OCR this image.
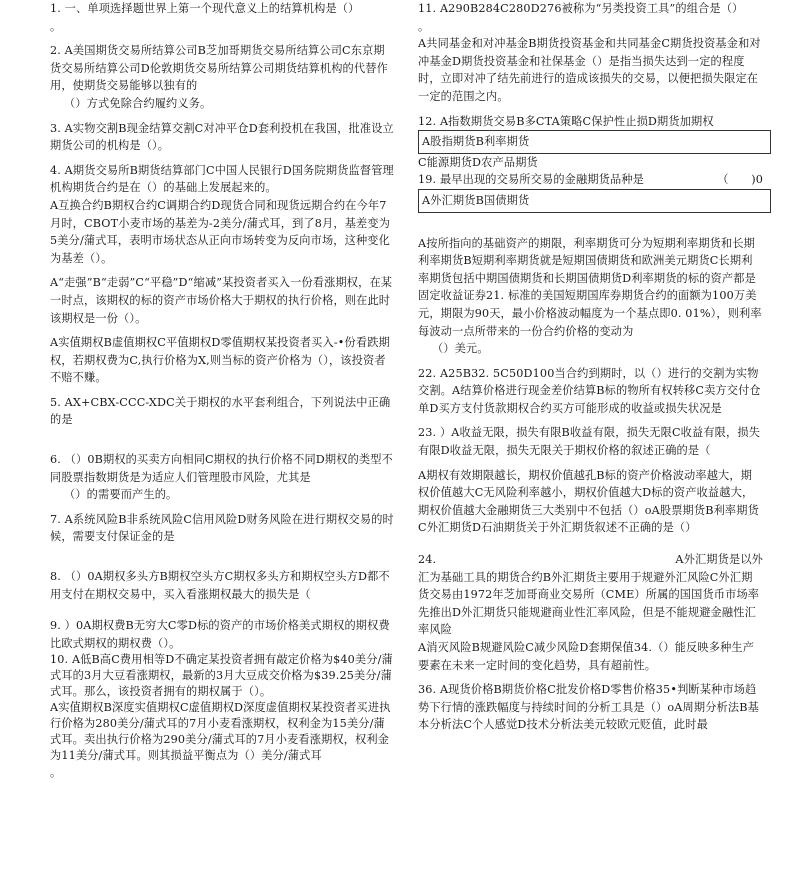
1. 一、单项选择题世界上第一个现代意义上的结算机构是（）

。

2. A美国期货交易所结算公司B芝加哥期货交易所结算公司C东京期货交易所结算公司D伦敦期货交易所结算公司期货结算机构的代替作用，使期货交易能够以独有的

（）方式免除合约履约义务。

3. A实物交割B现金结算交割C对冲平仓D套利投机在我国，批准设立期货公司的机构是（）。

4. A期货交易所B期货结算部门C中国人民银行D国务院期货监督管理机构期货合约是在（）的基础上发展起来的。

A互换合约B期权合约C调期合约D现货合同和现货远期合约在今年7月时，CBOT小麦市场的基差为-2美分/蒲式耳，到了8月，基差变为5美分/蒲式耳，表明市场状态从正向市场转变为反向市场，这种变化为基差（）。

A“走强”B“走弱”C“平稳”D“缩减”某投资者买入一份看涨期权，在某一时点，该期权的标的资产市场价格大于期权的执行价格，则在此时该期权是一份（）。

A实值期权B虚值期权C平值期权D零值期权某投资者买入-•份看跌期权，若期权费为C,执行价格为X,则当标的资产价格为（），该投资者不赔不赚。

5. AX+CBX-CCC-XDC关于期权的水平套利组合，下列说法中正确的是

6. （）0B期权的买卖方向相同C期权的执行价格不同D期权的类型不同股票指数期货是为适应人们管理股市风险，尤其是

（）的需要而产生的。

7. A系统风险B非系统风险C信用风险D财务风险在进行期权交易的时候，需要支付保证金的是

8. （）0A期权多头方B期权空头方C期权多头方和期权空头方D都不用支付在期权交易中，买入看涨期权最大的损失是（

9. ）0A期权费B无穷大C零D标的资产的市场价格美式期权的期权费比欧式期权的期权费（）。

10. A低B高C费用相等D不确定某投资者拥有敲定价格为$40美分/蒲式耳的3月大豆看涨期权，最新的3月大豆成交价格为$39.25美分/蒲式耳。那么，该投资者拥有的期权属于（）。

A实值期权B深度实值期权C虚值期权D深度虚值期权某投资者买进执行价格为280美分/蒲式耳的7月小麦看涨期权，权利金为15美分/蒲式耳。卖出执行价格为290美分/蒲式耳的7月小麦看涨期权，权利金为11美分/蒲式耳。则其损益平衡点为（）美分/蒲式耳

。

11. A290B284C280D276被称为“另类投资工具”的组合是（）

。

A共同基金和对冲基金B期货投资基金和共同基金C期货投资基金和对冲基金D期货投资基金和社保基金（）是指当损失达到一定的程度时，立即对冲了结先前进行的造成该损失的交易，以便把损失限定在一定的范围之内。

12. A指数期货交易B多CTA策略C保护性止损D期货加期权

A股指期货B利率期货

C能源期货D农产品期货

19. 最早出现的交易所交易的金融期货品种是	（　　)0

A外汇期货B国债期货

A按所指向的基础资产的期限，利率期货可分为短期利率期货和长期利率期货B短期利率期货就是短期国债期货和欧洲美元期货C长期利率期货包括中期国债期货和长期国债期货D利率期货的标的资产都是固定收益证券21. 标准的美国短期国库券期货合约的面额为100万美元，期限为90天，最小价格波动幅度为一个基点即0. 01%），则利率每波动一点所带来的一份合约价格的变动为

（）美元。

22. A25B32. 5C50D100当合约到期时，以（）进行的交割为实物交割。A结算价格进行现金差价结算B标的物所有权转移C卖方交付仓单D买方支付货款期权合约买方可能形成的收益或损失状况是

23. ）A收益无限，损失有限B收益有限，损失无限C收益有限，损失有限D收益无限，损失无限关于期权价格的叙述正确的是（

A期权有效期限越长，期权价值越孔B标的资产价格波动率越大，期权价值越大C无风险利率越小，期权价值越大D标的资产收益越大，期权价值越大金融期货三大类别中不包括（）oA股票期货B利率期货C外汇期货D石油期货关于外汇期货叙述不正确的是（）

24.	A外汇期货是以外

汇为基础工具的期货合约B外汇期货主要用于规避外汇风险C外汇期货交易由1972年芝加哥商业交易所（CME）所属的国国货币市场率先推出D外汇期货只能规避商业性汇率风险，但是不能规避金融性汇率风险

A消灭风险B规避风险C减少风险D套期保值34.（）能反映多种生产要素在未来一定时间的变化趋势，具有超前性。

36. A现货价格B期货价格C批发价格D零售价格35•判断某种市场趋势下行情的涨跌幅度与持续时间的分析工具是（）oA周期分析法B基本分析法C个人感觉D技术分析法美元较欧元贬值，此时最
